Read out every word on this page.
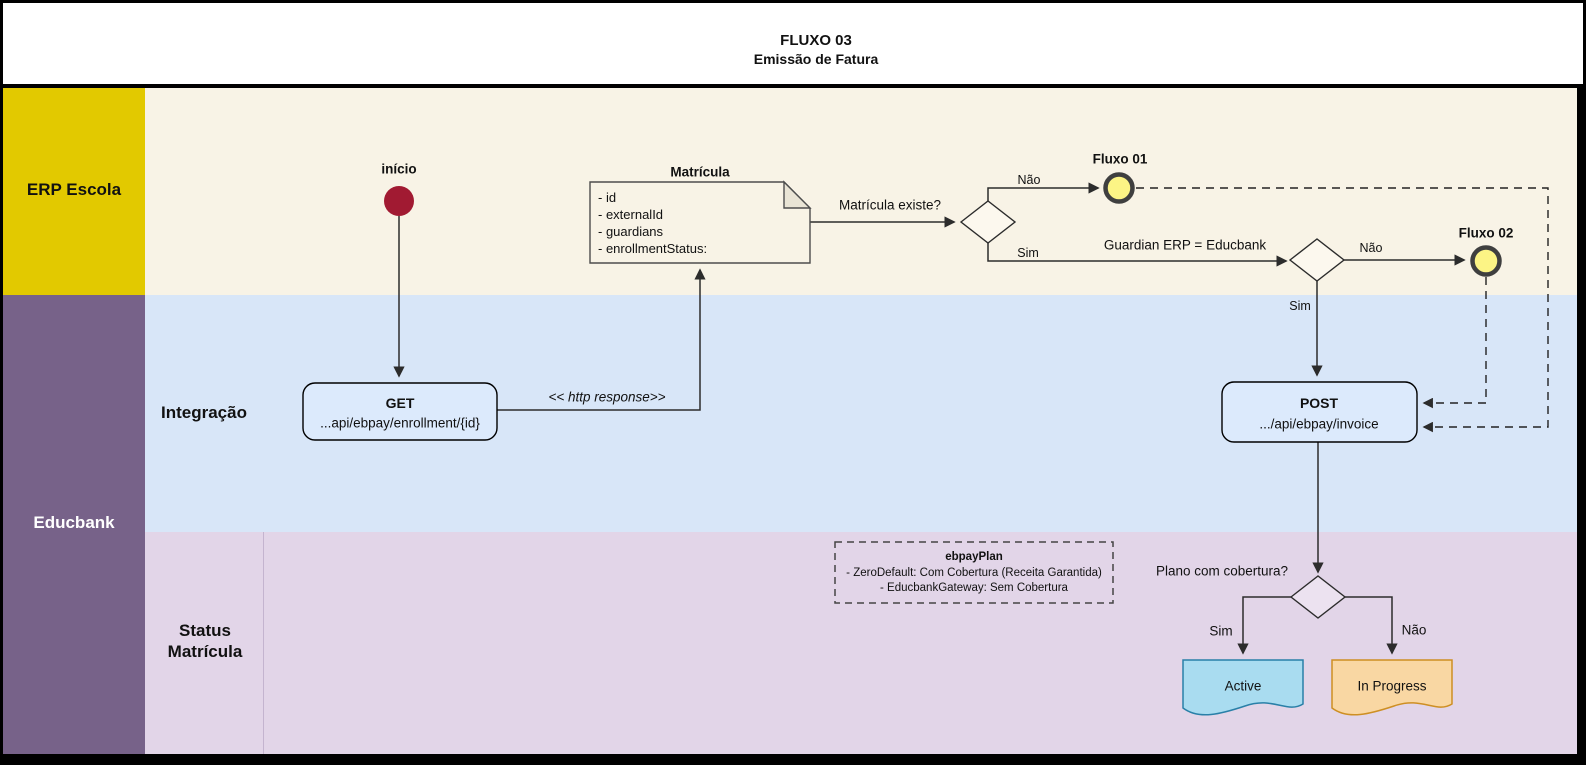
FLUXO 03
Emissão de Fatura
ERP Escola
Educbank
Integração
Status
Matrícula
início	Matrícula
- id
- externalId
- guardians
- enrollmentStatus:
GET
...api/ebpay/enrollment/{id}
POST
.../api/ebpay/invoice
Fluxo 01
Fluxo 02
ebpayPlan
- ZeroDefault: Com Cobertura (Receita Garantida)
- EducbankGateway: Sem Cobertura
Active	In Progress
<< http response>>
Matrícula existe?
Não
Sim
Guardian ERP = Educbank	Não
Sim
Plano com cobertura?
Sim	Não
